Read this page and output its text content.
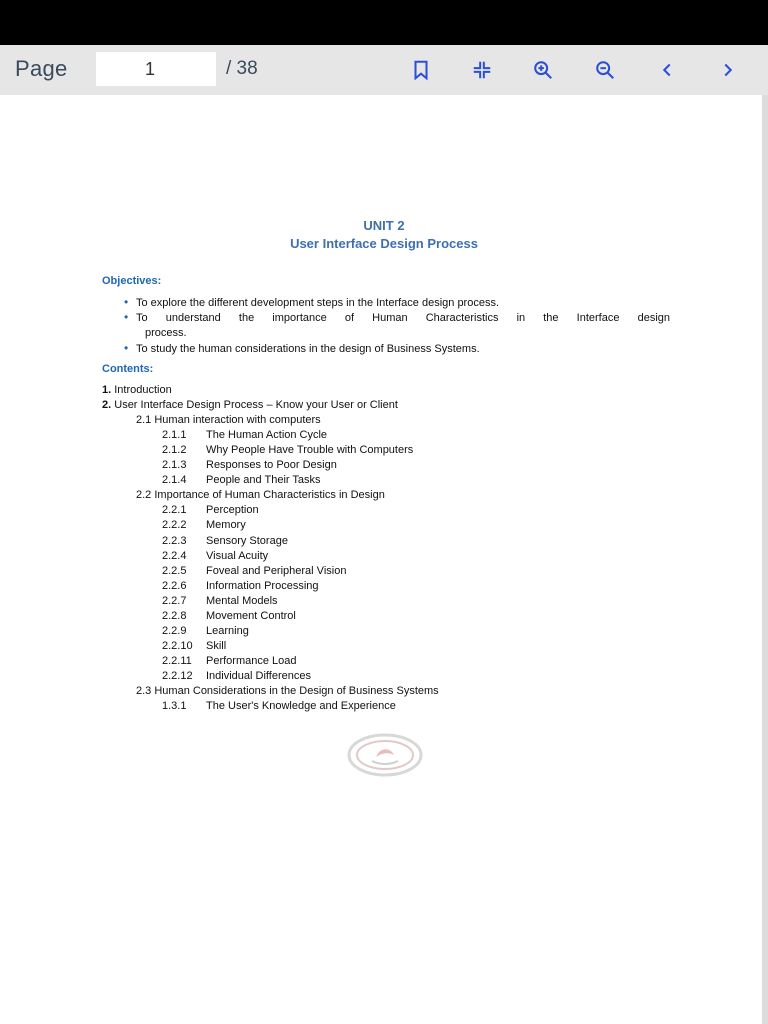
Page
1	/ 38
UNIT 2
User Interface Design Process
Objectives:
• To explore the different development steps in the Interface design process.
• To understand the importance of Human Characteristics in the Interface design
process.
• To study the human considerations in the design of Business Systems.
Contents:
1. Introduction
2. User Interface Design Process – Know your User or Client
2.1 Human interaction with computers
2.1.1 The Human Action Cycle
2.1.2 Why People Have Trouble with Computers
2.1.3 Responses to Poor Design
2.1.4 People and Their Tasks
2.2 Importance of Human Characteristics in Design
2.2.1 Perception
2.2.2 Memory
2.2.3 Sensory Storage
2.2.4 Visual Acuity
2.2.5 Foveal and Peripheral Vision
2.2.6 Information Processing
2.2.7 Mental Models
2.2.8 Movement Control
2.2.9 Learning
2.2.10 Skill
2.2.11 Performance Load
2.2.12 Individual Differences
2.3 Human Considerations in the Design of Business Systems
1.3.1 The User's Knowledge and Experience
